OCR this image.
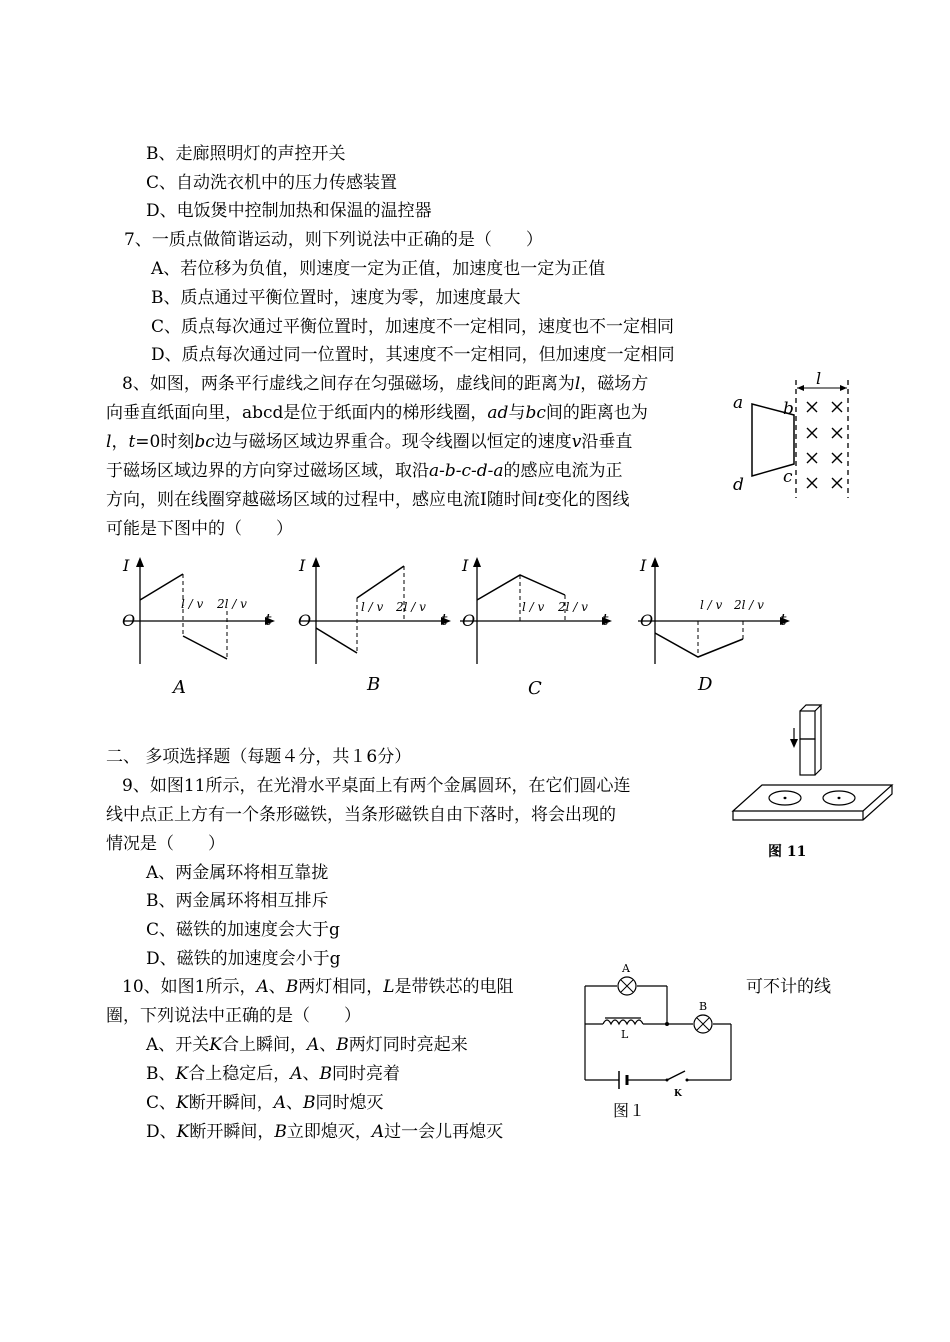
B、走廊照明灯的声控开关
C、自动洗衣机中的压力传感装置
D、电饭煲中控制加热和保温的温控器
7、一质点做简谐运动，则下列说法中正确的是（　　）
A、若位移为负值，则速度一定为正值，加速度也一定为正值
B、质点通过平衡位置时，速度为零，加速度最大
C、质点每次通过平衡位置时，加速度不一定相同，速度也不一定相同
D、质点每次通过同一位置时，其速度不一定相同，但加速度一定相同
8、如图，两条平行虚线之间存在匀强磁场，虚线间的距离为l，磁场方
向垂直纸面向里，abcd是位于纸面内的梯形线圈，ad与bc间的距离也为
l，t=0时刻bc边与磁场区域边界重合。现令线圈以恒定的速度v沿垂直
于磁场区域边界的方向穿过磁场区域，取沿a-b-c-d-a的感应电流为正
方向，则在线圈穿越磁场区域的过程中，感应电流Ⅰ随时间t变化的图线
可能是下图中的（　　）
l
a b
c
d
I
O	t
l / v 2l / v
A
I
O	t
l / v 2l / v
B
I
O	t
l / v 2l / v
C
I
O	t
l / v 2l / v
D
二、 多项选择题（每题４分，共１6分）
9、如图11所示，在光滑水平桌面上有两个金属圆环，在它们圆心连
线中点正上方有一个条形磁铁，当条形磁铁自由下落时，将会出现的
情况是（　　）
A、两金属环将相互靠拢
B、两金属环将相互排斥
C、磁铁的加速度会大于g
D、磁铁的加速度会小于g
图 11
10、如图1所示，A、B两灯相同，L是带铁芯的电阻	可不计的线
圈，下列说法中正确的是（　　）
A、开关K合上瞬间，A、B两灯同时亮起来
B、K合上稳定后，A、B同时亮着
C、K断开瞬间，A、B同时熄灭
D、K断开瞬间，B立即熄灭，A过一会儿再熄灭
A
B
L
K
图１
